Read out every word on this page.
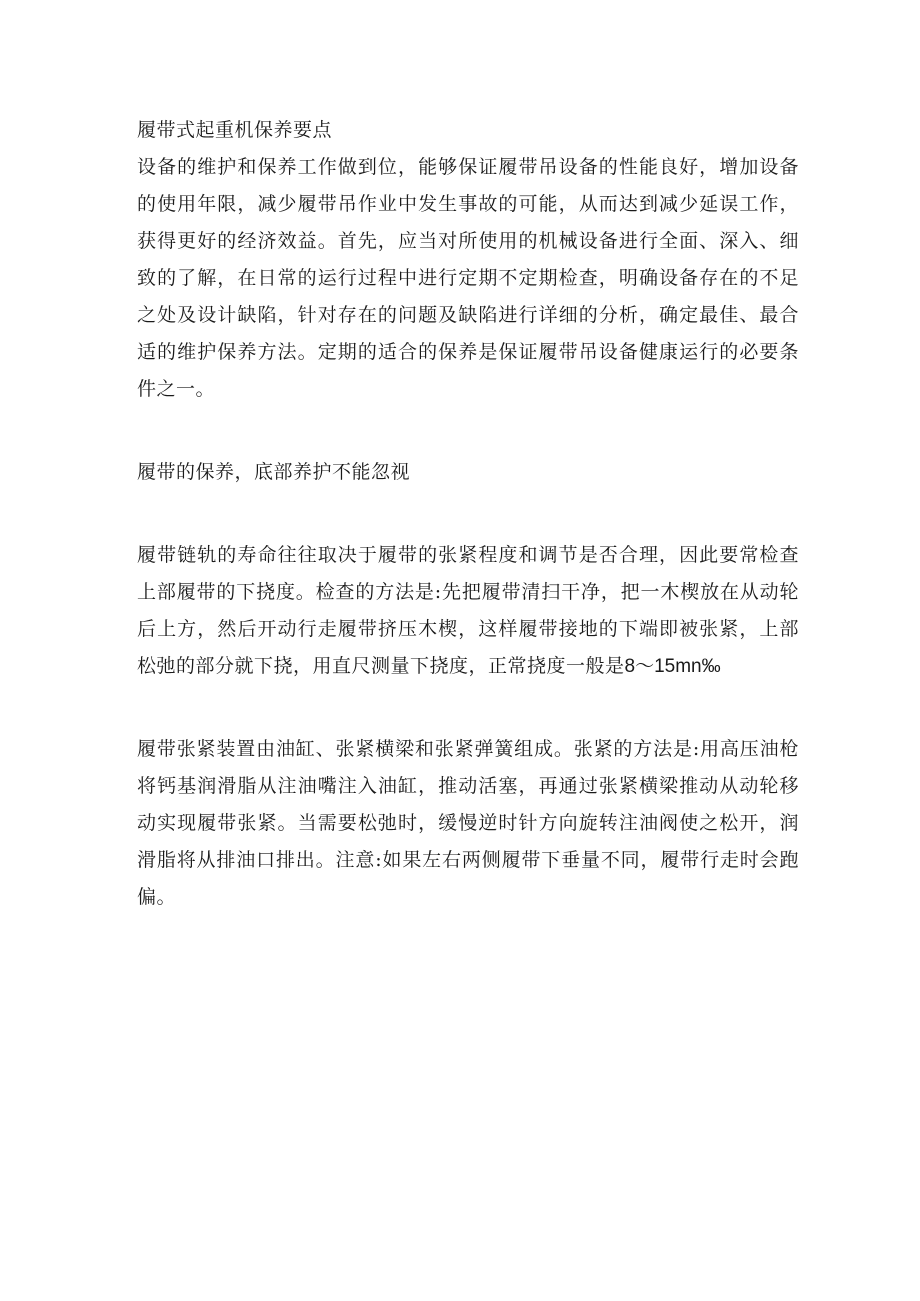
履带式起重机保养要点

设备的维护和保养工作做到位，能够保证履带吊设备的性能良好，增加设备的使用年限，减少履带吊作业中发生事故的可能，从而达到减少延误工作，获得更好的经济效益。首先，应当对所使用的机械设备进行全面、深入、细致的了解，在日常的运行过程中进行定期不定期检查，明确设备存在的不足之处及设计缺陷，针对存在的问题及缺陷进行详细的分析，确定最佳、最合适的维护保养方法。定期的适合的保养是保证履带吊设备健康运行的必要条件之一。

履带的保养，底部养护不能忽视

履带链轨的寿命往往取决于履带的张紧程度和调节是否合理，因此要常检查上部履带的下挠度。检查的方法是:先把履带清扫干净，把一木楔放在从动轮后上方，然后开动行走履带挤压木楔，这样履带接地的下端即被张紧，上部松弛的部分就下挠，用直尺测量下挠度，正常挠度一般是8～15mn‰

履带张紧装置由油缸、张紧横梁和张紧弹簧组成。张紧的方法是:用高压油枪将钙基润滑脂从注油嘴注入油缸，推动活塞，再通过张紧横梁推动从动轮移动实现履带张紧。当需要松弛时，缓慢逆时针方向旋转注油阀使之松开，润滑脂将从排油口排出。注意:如果左右两侧履带下垂量不同，履带行走时会跑偏。
